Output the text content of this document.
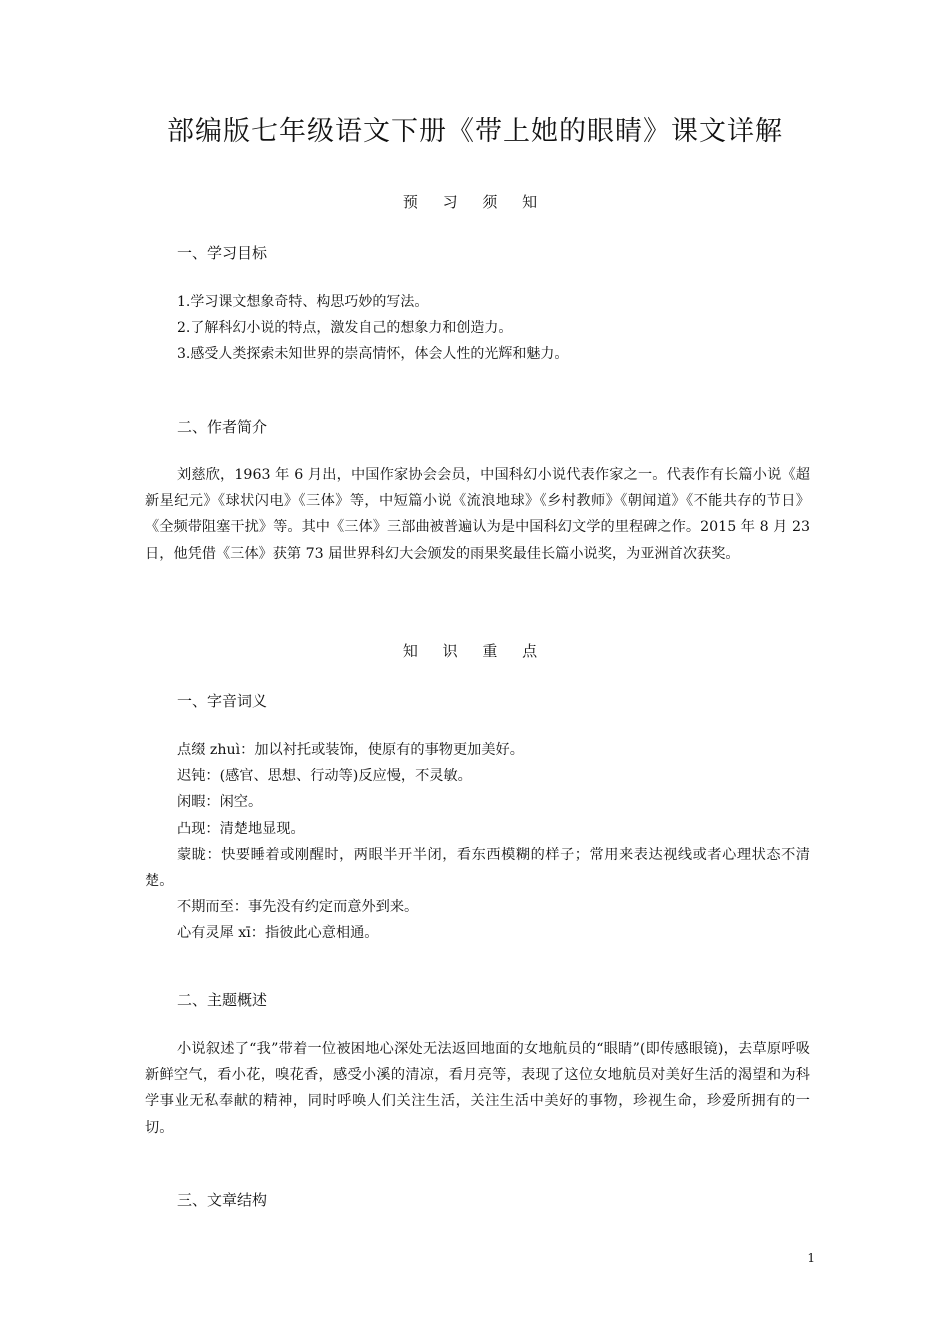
部编版七年级语文下册《带上她的眼睛》课文详解
预 习 须 知
一、学习目标
1.学习课文想象奇特、构思巧妙的写法。
2.了解科幻小说的特点，激发自己的想象力和创造力。
3.感受人类探索未知世界的崇高情怀，体会人性的光辉和魅力。
二、作者简介

刘慈欣，1963 年 6 月出，中国作家协会会员，中国科幻小说代表作家之一。代表作有长篇小说《超新星纪元》《球状闪电》《三体》等，中短篇小说《流浪地球》《乡村教师》《朝闻道》《不能共存的节日》《全频带阻塞干扰》等。其中《三体》三部曲被普遍认为是中国科幻文学的里程碑之作。2015 年 8 月 23 日，他凭借《三体》获第 73 届世界科幻大会颁发的雨果奖最佳长篇小说奖，为亚洲首次获奖。

知 识 重 点
一、字音词义
点缀 zhuì：加以衬托或装饰，使原有的事物更加美好。
迟钝：(感官、思想、行动等)反应慢，不灵敏。
闲暇：闲空。
凸现：清楚地显现。
蒙眬：快要睡着或刚醒时，两眼半开半闭，看东西模糊的样子；常用来表达视线或者心理状态不清楚。
不期而至：事先没有约定而意外到来。
心有灵犀 xī：指彼此心意相通。
二、主题概述

小说叙述了“我”带着一位被困地心深处无法返回地面的女地航员的“眼睛”(即传感眼镜)，去草原呼吸新鲜空气，看小花，嗅花香，感受小溪的清凉，看月亮等，表现了这位女地航员对美好生活的渴望和为科学事业无私奉献的精神，同时呼唤人们关注生活，关注生活中美好的事物，珍视生命，珍爱所拥有的一切。

三、文章结构
1
